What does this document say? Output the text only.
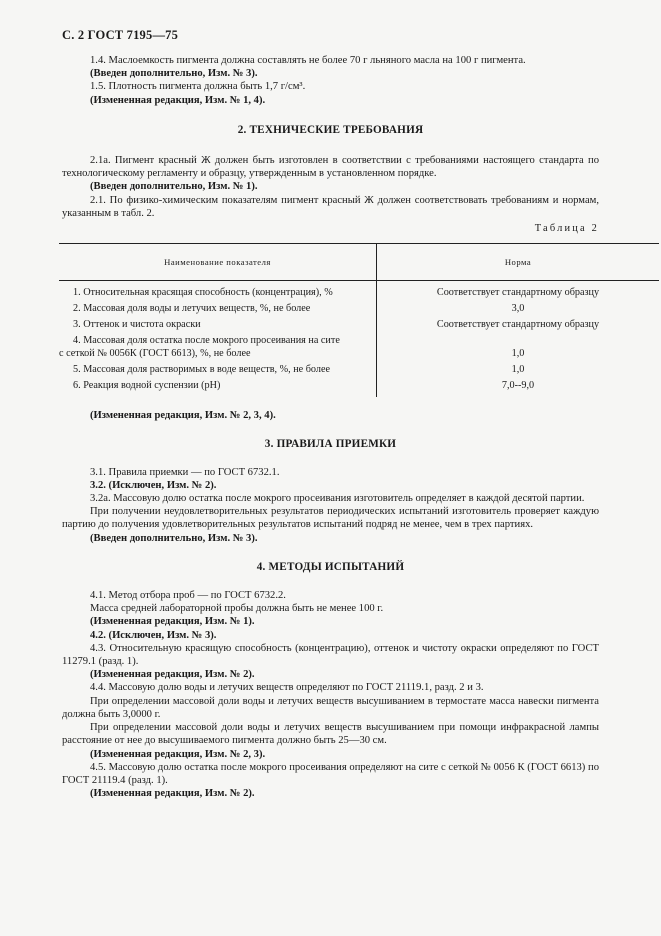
С. 2 ГОСТ 7195—75

1.4. Маслоемкость пигмента должна составлять не более 70 г льняного масла на 100 г пигмента.

(Введен дополнительно, Изм. № 3).

1.5. Плотность пигмента должна быть 1,7 г/см³.

(Измененная редакция, Изм. № 1, 4).

2. ТЕХНИЧЕСКИЕ ТРЕБОВАНИЯ

2.1а. Пигмент красный Ж должен быть изготовлен в соответствии с требованиями настоящего стандарта по технологическому регламенту и образцу, утвержденным в установленном порядке.

(Введен дополнительно, Изм. № 1).

2.1. По физико-химическим показателям пигмент красный Ж должен соответствовать требованиям и нормам, указанным в табл. 2.

Таблица 2
Наименование показателя	Норма
1. Относительная красящая способность (концентрация), %	Соответствует стандартному образцу
2. Массовая доля воды и летучих веществ, %, не более	3,0
3. Оттенок и чистота окраски	Соответствует стандартному образцу

4. Массовая доля остатка после мокрого просеивания на сите
с сеткой № 0056К (ГОСТ 6613), %, не более	1,0
5. Массовая доля растворимых в воде веществ, %, не более	1,0
6. Реакция водной суспензии (pH)	7,0--9,0

(Измененная редакция, Изм. № 2, 3, 4).

3. ПРАВИЛА ПРИЕМКИ

3.1. Правила приемки — по ГОСТ 6732.1.

3.2. (Исключен, Изм. № 2).

3.2а. Массовую долю остатка после мокрого просеивания изготовитель определяет в каждой десятой партии.

При получении неудовлетворительных результатов периодических испытаний изготовитель проверяет каждую партию до получения удовлетворительных результатов испытаний подряд не менее, чем в трех партиях.

(Введен дополнительно, Изм. № 3).

4. МЕТОДЫ ИСПЫТАНИЙ

4.1. Метод отбора проб — по ГОСТ 6732.2.

Масса средней лабораторной пробы должна быть не менее 100 г.

(Измененная редакция, Изм. № 1).

4.2. (Исключен, Изм. № 3).

4.3. Относительную красящую способность (концентрацию), оттенок и чистоту окраски определяют по ГОСТ 11279.1 (разд. 1).

(Измененная редакция, Изм. № 2).

4.4. Массовую долю воды и летучих веществ определяют по ГОСТ 21119.1, разд. 2 и 3.

При определении массовой доли воды и летучих веществ высушиванием в термостате масса навески пигмента должна быть 3,0000 г.

При определении массовой доли воды и летучих веществ высушиванием при помощи инфракрасной лампы расстояние от нее до высушиваемого пигмента должно быть 25—30 см.

(Измененная редакция, Изм. № 2, 3).

4.5. Массовую долю остатка после мокрого просеивания определяют на сите с сеткой № 0056 К (ГОСТ 6613) по ГОСТ 21119.4 (разд. 1).

(Измененная редакция, Изм. № 2).
